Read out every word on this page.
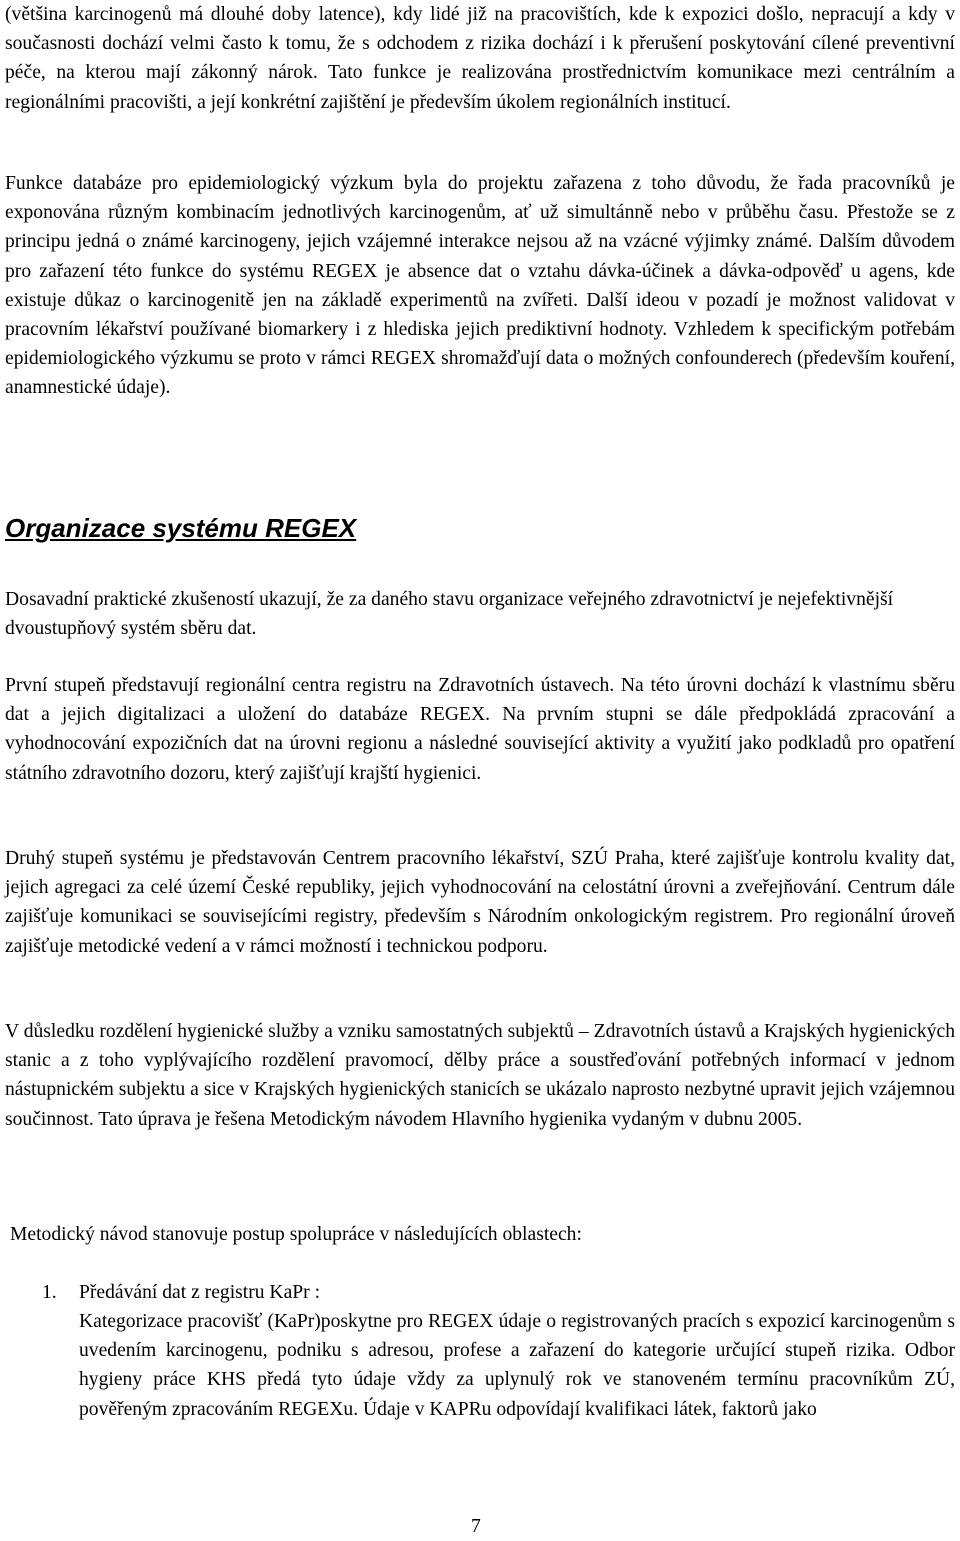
(většina karcinogenů má dlouhé doby latence), kdy lidé již na pracovištích, kde k expozici došlo, nepracují a kdy v současnosti dochází velmi často k tomu, že s odchodem z rizika dochází i k přerušení poskytování cílené preventivní péče, na kterou mají zákonný nárok. Tato funkce je realizována prostřednictvím komunikace mezi centrálním a regionálními pracovišti, a její konkrétní zajištění je především úkolem regionálních institucí.

Funkce databáze pro epidemiologický výzkum byla do projektu zařazena z toho důvodu, že řada pracovníků je exponována různým kombinacím jednotlivých karcinogenům, ať už simultánně nebo v průběhu času. Přestože se z principu jedná o známé karcinogeny, jejich vzájemné interakce nejsou až na vzácné výjimky známé. Dalším důvodem pro zařazení této funkce do systému REGEX je absence dat o vztahu dávka-účinek a dávka-odpověď u agens, kde existuje důkaz o karcinogenitě jen na základě experimentů na zvířeti. Další ideou v pozadí je možnost validovat v pracovním lékařství používané biomarkery i z hlediska jejich prediktivní hodnoty. Vzhledem k specifickým potřebám epidemiologického výzkumu se proto v rámci REGEX shromažďují data o možných confounderech (především kouření, anamnestické údaje).

Organizace systému REGEX

Dosavadní praktické zkušeností ukazují, že za daného stavu organizace veřejného zdravotnictví je nejefektivnější dvoustupňový systém sběru dat.

První stupeň představují regionální centra registru na Zdravotních ústavech. Na této úrovni dochází k vlastnímu sběru dat a jejich digitalizaci a uložení do databáze REGEX. Na prvním stupni se dále předpokládá zpracování a vyhodnocování expozičních dat na úrovni regionu a následné související aktivity a využití jako podkladů pro opatření státního zdravotního dozoru, který zajišťují krajští hygienici.

Druhý stupeň systému je představován Centrem pracovního lékařství, SZÚ Praha, které zajišťuje kontrolu kvality dat, jejich agregaci za celé území České republiky, jejich vyhodnocování na celostátní úrovni a zveřejňování. Centrum dále zajišťuje komunikaci se souvisejícími registry, především s Národním onkologickým registrem. Pro regionální úroveň zajišťuje metodické vedení a v rámci možností i technickou podporu.

V důsledku rozdělení hygienické služby a vzniku samostatných subjektů – Zdravotních ústavů a Krajských hygienických stanic a z toho vyplývajícího rozdělení pravomocí, dělby práce a soustřeďování potřebných informací v jednom nástupnickém subjektu a sice v Krajských hygienických stanicích se ukázalo naprosto nezbytné upravit jejich vzájemnou součinnost. Tato úprava je řešena Metodickým návodem Hlavního hygienika vydaným v dubnu 2005.

Metodický návod stanovuje postup spolupráce v následujících oblastech:

1. Předávání dat z registru KaPr :

Kategorizace pracovišť (KaPr)poskytne pro REGEX údaje o registrovaných pracích s expozicí karcinogenům s uvedením karcinogenu, podniku s adresou, profese a zařazení do kategorie určující stupeň rizika. Odbor hygieny práce KHS předá tyto údaje vždy za uplynulý rok ve stanoveném termínu pracovníkům ZÚ, pověřeným zpracováním REGEXu. Údaje v KAPRu odpovídají kvalifikaci látek, faktorů jako

7
